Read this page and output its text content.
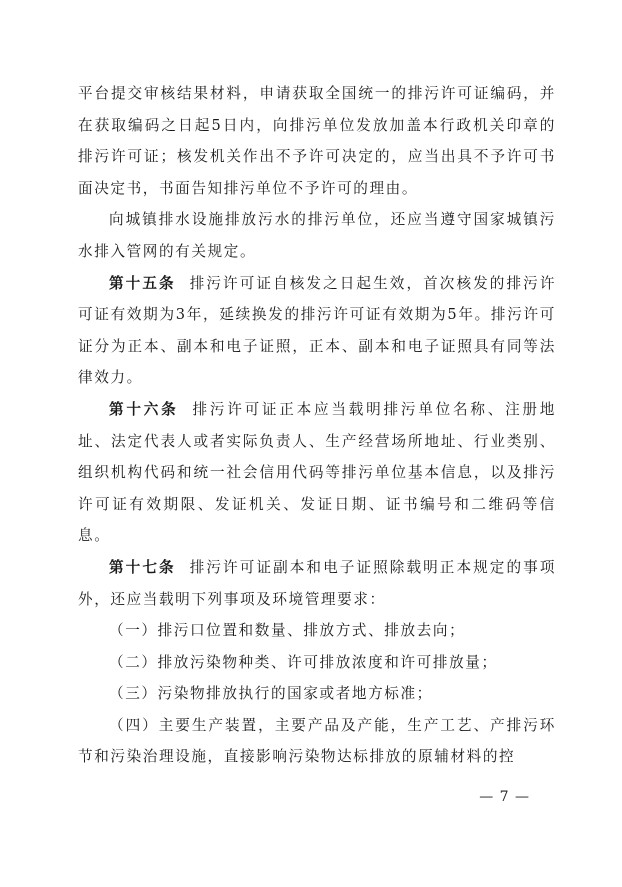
平台提交审核结果材料，申请获取全国统一的排污许可证编码，并在获取编码之日起5日内，向排污单位发放加盖本行政机关印章的排污许可证；核发机关作出不予许可决定的，应当出具不予许可书面决定书，书面告知排污单位不予许可的理由。

向城镇排水设施排放污水的排污单位，还应当遵守国家城镇污水排入管网的有关规定。

第十五条 排污许可证自核发之日起生效，首次核发的排污许可证有效期为3年，延续换发的排污许可证有效期为5年。排污许可证分为正本、副本和电子证照，正本、副本和电子证照具有同等法律效力。

第十六条 排污许可证正本应当载明排污单位名称、注册地址、法定代表人或者实际负责人、生产经营场所地址、行业类别、组织机构代码和统一社会信用代码等排污单位基本信息，以及排污许可证有效期限、发证机关、发证日期、证书编号和二维码等信息。

第十七条 排污许可证副本和电子证照除载明正本规定的事项外，还应当载明下列事项及环境管理要求：

（一）排污口位置和数量、排放方式、排放去向；

（二）排放污染物种类、许可排放浓度和许可排放量；

（三）污染物排放执行的国家或者地方标准；

（四）主要生产装置，主要产品及产能，生产工艺、产排污环节和污染治理设施，直接影响污染物达标排放的原辅材料的控

— 7 —
